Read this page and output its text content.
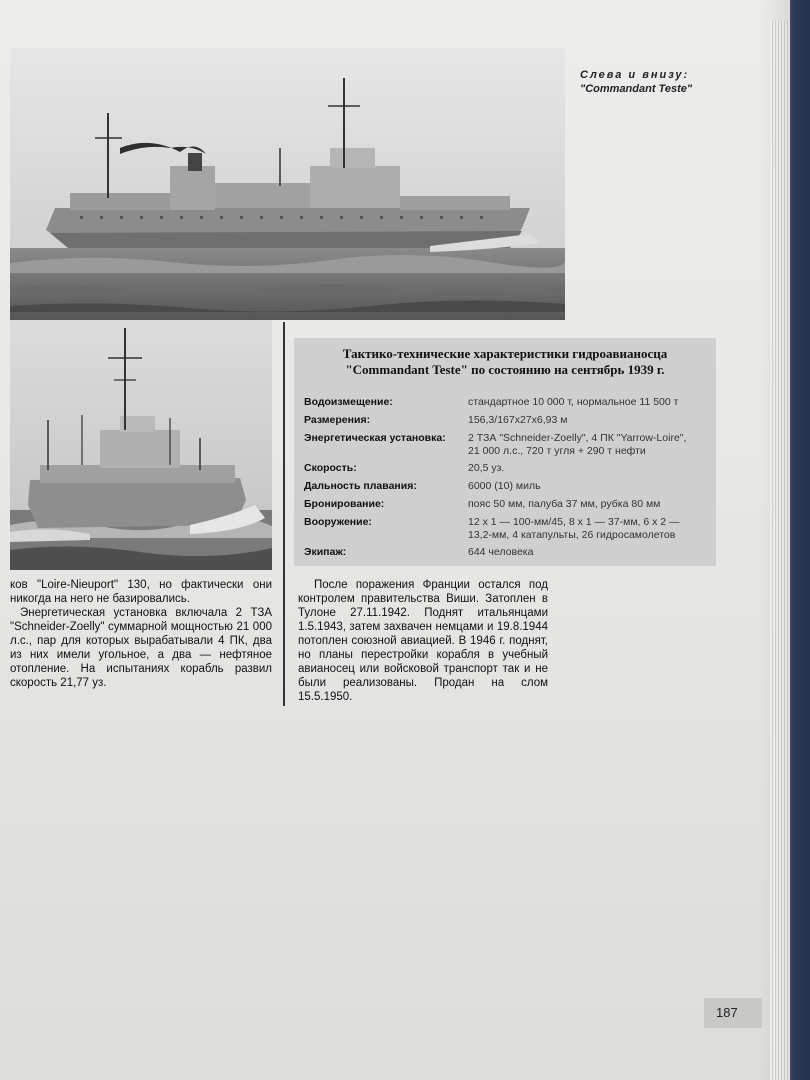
Слева и внизу:
"Commandant Teste"
Тактико-технические характеристики гидроавианосца
"Commandant Teste" по состоянию на сентябрь 1939 г.
Водоизмещение:	стандартное 10 000 т, нормальное 11 500 т
Размерения:	156,3/167х27х6,93 м
Энергетическая установка: 2 ТЗА "Schneider-Zoelly", 4 ПК "Yarrow-Loire",
21 000 л.с., 720 т угля + 290 т нефти
Скорость:	20,5 уз.
Дальность плавания:	6000 (10) миль
Бронирование:	пояс 50 мм, палуба 37 мм, рубка 80 мм
Вооружение:	12 х 1 — 100-мм/45, 8 х 1 — 37-мм, 6 х 2 —
13,2-мм, 4 катапульты, 26 гидросамолетов
Экипаж:	644 человека

ков "Loire-Nieuport" 130, но фактически они никогда на него не базировались.

Энергетическая установка включала 2 ТЗА "Schneider-Zoelly" суммарной мощностью 21 000 л.с., пар для которых вырабатывали 4 ПК, два из них имели угольное, а два — нефтяное отопление. На испытаниях корабль развил скорость 21,77 уз.

После поражения Франции остался под контролем правительства Виши. Затоплен в Тулоне 27.11.1942. Поднят итальянцами 1.5.1943, затем захвачен немцами и 19.8.1944 потоплен союзной авиацией. В 1946 г. поднят, но планы перестройки корабля в учебный авианосец или войсковой транспорт так и не были реализованы. Продан на слом 15.5.1950.

187
